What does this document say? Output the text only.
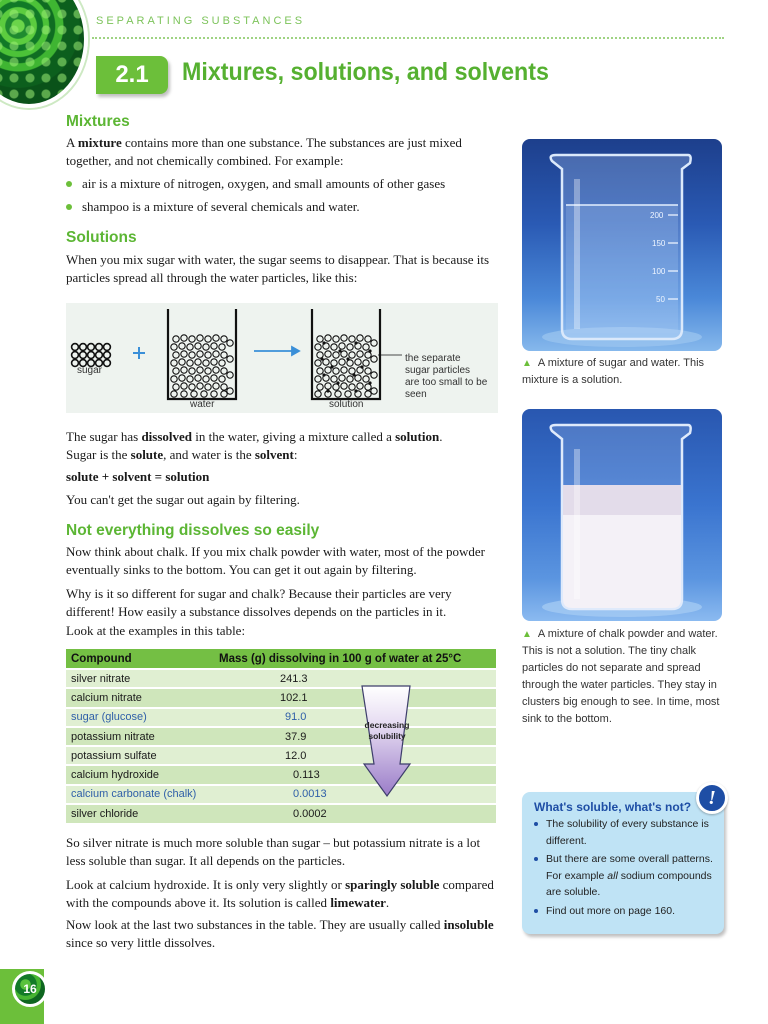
SEPARATING SUBSTANCES
2.1	Mixtures, solutions, and solvents
Mixtures
A mixture contains more than one substance. The substances are just mixed together, and not chemically combined. For example:
air is a mixture of nitrogen, oxygen, and small amounts of other gases
shampoo is a mixture of several chemicals and water.
Solutions
When you mix sugar with water, the sugar seems to disappear. That is because its particles spread all through the water particles, like this:
sugar
water	solution
the separate
sugar particles
are too small to be
seen
The sugar has dissolved in the water, giving a mixture called a solution.
Sugar is the solute, and water is the solvent:
solute + solvent = solution
You can't get the sugar out again by filtering.
Not everything dissolves so easily
Now think about chalk. If you mix chalk powder with water, most of the powder eventually sinks to the bottom. You can get it out again by filtering.
Why is it so different for sugar and chalk? Because their particles are very different! How easily a substance dissolves depends on the particles in it.
Look at the examples in this table:
Compound	Mass (g) dissolving in 100 g of water at 25°C
silver nitrate	241.3
calcium nitrate	102.1
sugar (glucose)	91.0
potassium nitrate	37.9
potassium sulfate	12.0
calcium hydroxide	0.113
calcium carbonate (chalk)	0.0013
silver chloride	0.0002
decreasing
solubility
So silver nitrate is much more soluble than sugar – but potassium nitrate is a lot less soluble than sugar. It all depends on the particles.
Look at calcium hydroxide. It is only very slightly or sparingly soluble compared with the compounds above it. Its solution is called limewater.
Now look at the last two substances in the table. They are usually called insoluble since so very little dissolves.
200
150
100
50
▲ A mixture of sugar and water. This mixture is a solution.
▲ A mixture of chalk powder and water. This is not a solution. The tiny chalk particles do not separate and spread through the water particles. They stay in clusters big enough to see. In time, most sink to the bottom.
What's soluble, what's not?
The solubility of every substance is different.
But there are some overall patterns. For example all sodium compounds are soluble.
Find out more on page 160.
!
16
